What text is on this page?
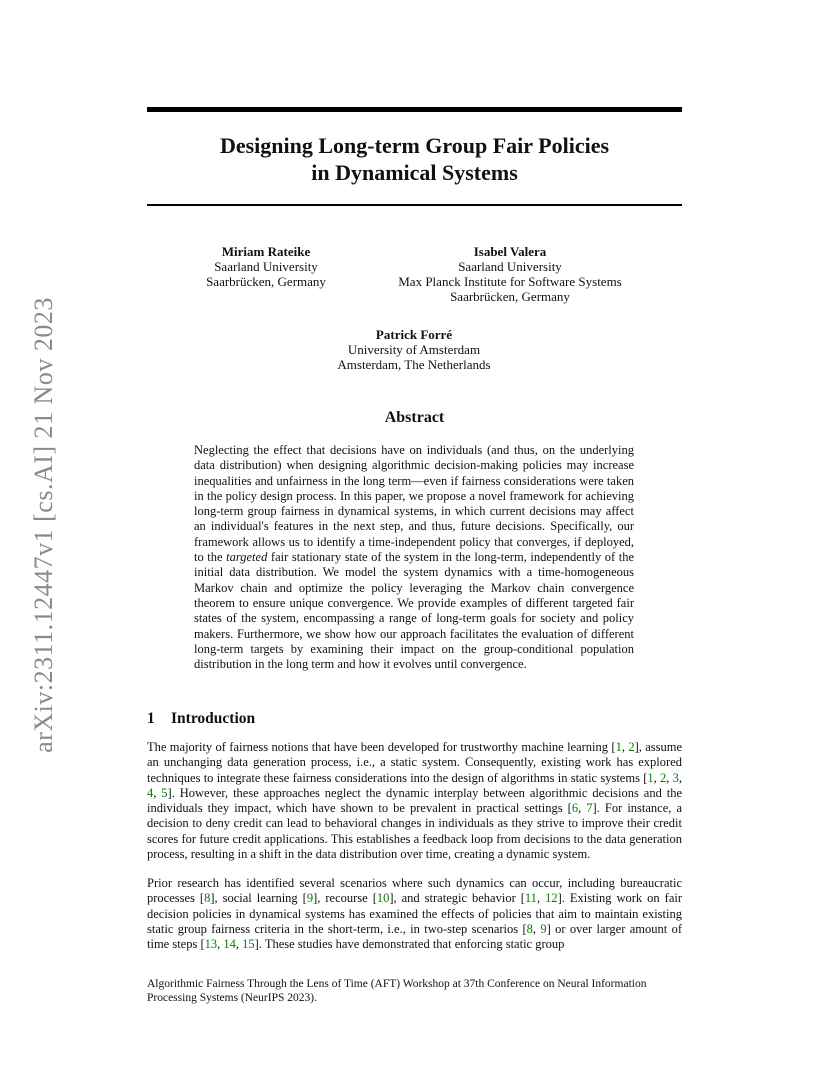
arXiv:2311.12447v1 [cs.AI] 21 Nov 2023
Designing Long-term Group Fair Policies
in Dynamical Systems
Miriam Rateike
Saarland University
Saarbrücken, Germany
Isabel Valera
Saarland University
Max Planck Institute for Software Systems
Saarbrücken, Germany
Patrick Forré
University of Amsterdam
Amsterdam, The Netherlands
Abstract
Neglecting the effect that decisions have on individuals (and thus, on the underlying data distribution) when designing algorithmic decision-making policies may increase inequalities and unfairness in the long term—even if fairness considerations were taken in the policy design process. In this paper, we propose a novel framework for achieving long-term group fairness in dynamical systems, in which current decisions may affect an individual's features in the next step, and thus, future decisions. Specifically, our framework allows us to identify a time-independent policy that converges, if deployed, to the targeted fair stationary state of the system in the long-term, independently of the initial data distribution. We model the system dynamics with a time-homogeneous Markov chain and optimize the policy leveraging the Markov chain convergence theorem to ensure unique convergence. We provide examples of different targeted fair states of the system, encompassing a range of long-term goals for society and policy makers. Furthermore, we show how our approach facilitates the evaluation of different long-term targets by examining their impact on the group-conditional population distribution in the long term and how it evolves until convergence.
1 Introduction
The majority of fairness notions that have been developed for trustworthy machine learning [1, 2], assume an unchanging data generation process, i.e., a static system. Consequently, existing work has explored techniques to integrate these fairness considerations into the design of algorithms in static systems [1, 2, 3, 4, 5]. However, these approaches neglect the dynamic interplay between algorithmic decisions and the individuals they impact, which have shown to be prevalent in practical settings [6, 7]. For instance, a decision to deny credit can lead to behavioral changes in individuals as they strive to improve their credit scores for future credit applications. This establishes a feedback loop from decisions to the data generation process, resulting in a shift in the data distribution over time, creating a dynamic system.
Prior research has identified several scenarios where such dynamics can occur, including bureaucratic processes [8], social learning [9], recourse [10], and strategic behavior [11, 12]. Existing work on fair decision policies in dynamical systems has examined the effects of policies that aim to maintain existing static group fairness criteria in the short-term, i.e., in two-step scenarios [8, 9] or over larger amount of time steps [13, 14, 15]. These studies have demonstrated that enforcing static group
Algorithmic Fairness Through the Lens of Time (AFT) Workshop at 37th Conference on Neural Information Processing Systems (NeurIPS 2023).
